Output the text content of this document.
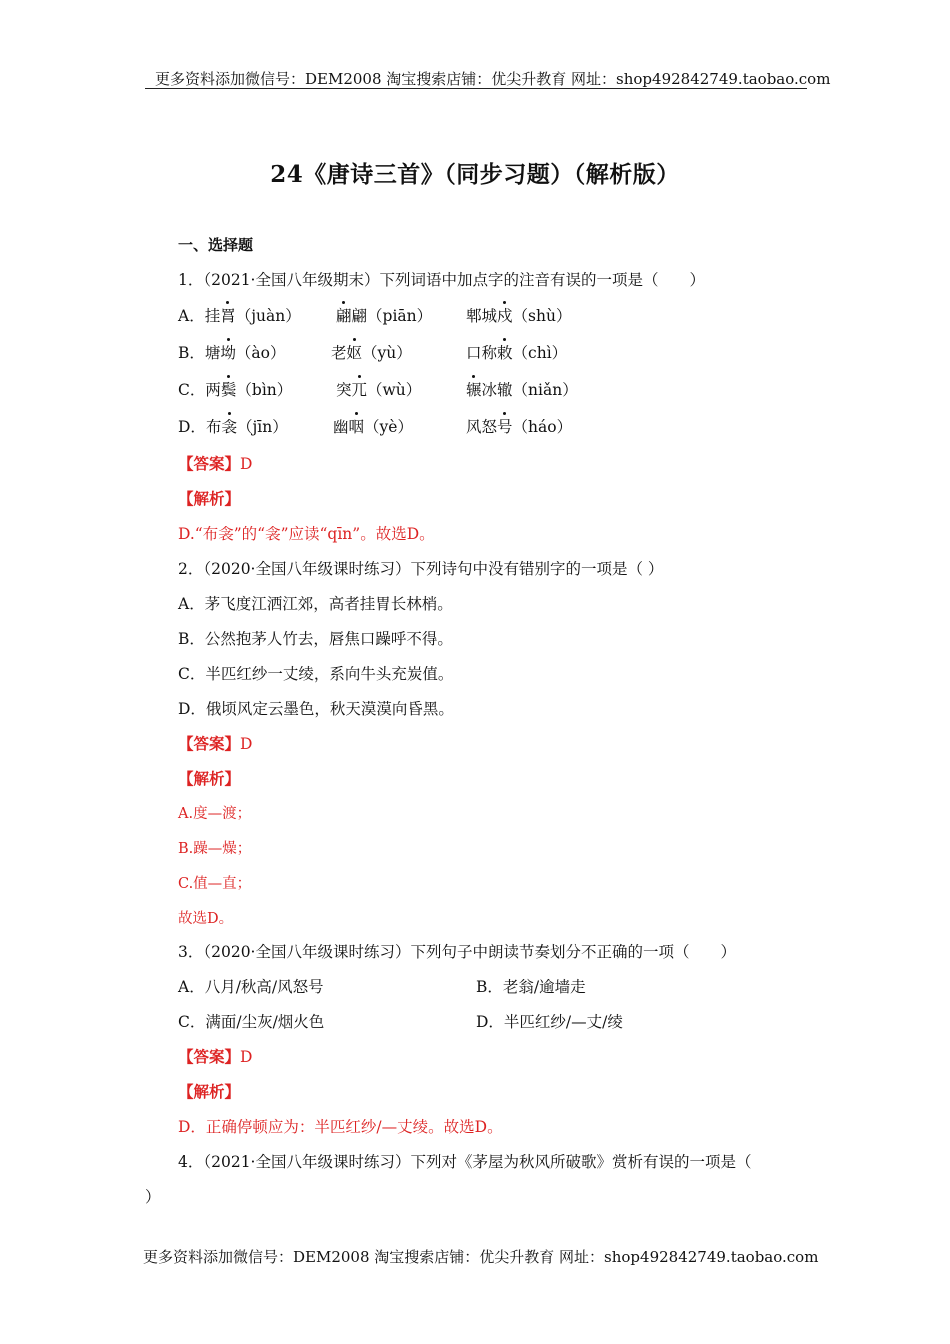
更多资料添加微信号：DEM2008 淘宝搜索店铺：优尖升教育 网址：shop492842749.taobao.com
24《唐诗三首》（同步习题）（解析版）
一、选择题
1．（2021·全国八年级期末）下列词语中加点字的注音有误的一项是（　　）
A．挂罥（juàn） 翩翩（piān） 郫城戍（shù）
B．塘坳（ào）	老妪（yù）	口称敕（chì）
C．两鬓（bìn）	突兀（wù）	辗冰辙（niǎn）
D．布衾（jīn）	幽咽（yè）	风怒号（háo）
【答案】D
【解析】
D.“布衾”的“衾”应读“qīn”。故选D。
2．（2020·全国八年级课时练习）下列诗句中没有错别字的一项是（ ）
A．茅飞度江洒江郊，高者挂胃长林梢。
B．公然抱茅人竹去，唇焦口躁呼不得。
C．半匹红纱一丈绫，系向牛头充炭值。
D．俄顷风定云墨色，秋天漠漠向昏黑。
【答案】D
【解析】
A.度—渡；
B.躁—燥；
C.值—直；
故选D。
3．（2020·全国八年级课时练习）下列句子中朗读节奏划分不正确的一项（　　）
A．八月/秋高/风怒号	B．老翁/逾墙走
C．满面/尘灰/烟火色	D．半匹红纱/—丈/绫
【答案】D
【解析】
D．正确停顿应为：半匹红纱/—丈绫。故选D。
4．（2021·全国八年级课时练习）下列对《茅屋为秋风所破歌》赏析有误的一项是（
）
更多资料添加微信号：DEM2008 淘宝搜索店铺：优尖升教育 网址：shop492842749.taobao.com
